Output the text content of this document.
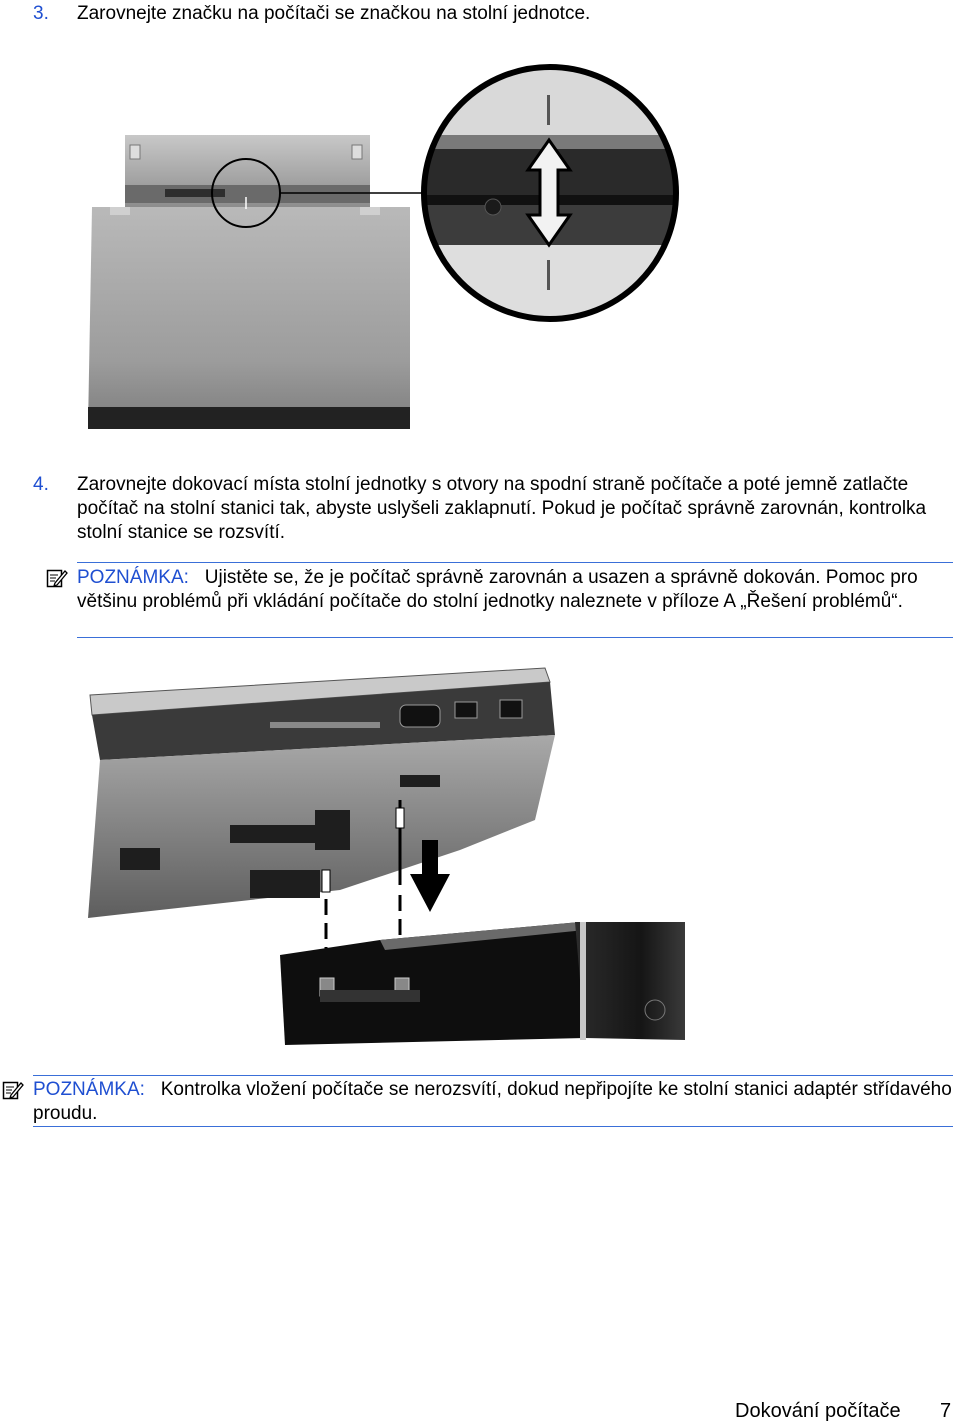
3. Zarovnejte značku na počítači se značkou na stolní jednotce.
4. Zarovnejte dokovací místa stolní jednotky s otvory na spodní straně počítače a poté jemně zatlačte počítač na stolní stanici tak, abyste uslyšeli zaklapnutí. Pokud je počítač správně zarovnán, kontrolka stolní stanice se rozsvítí.
POZNÁMKA: Ujistěte se, že je počítač správně zarovnán a usazen a správně dokován. Pomoc pro většinu problémů při vkládání počítače do stolní jednotky naleznete v příloze A „Řešení problémů“.
POZNÁMKA: Kontrolka vložení počítače se nerozsvítí, dokud nepřipojíte ke stolní stanici adaptér střídavého proudu.
Dokování počítače 7
